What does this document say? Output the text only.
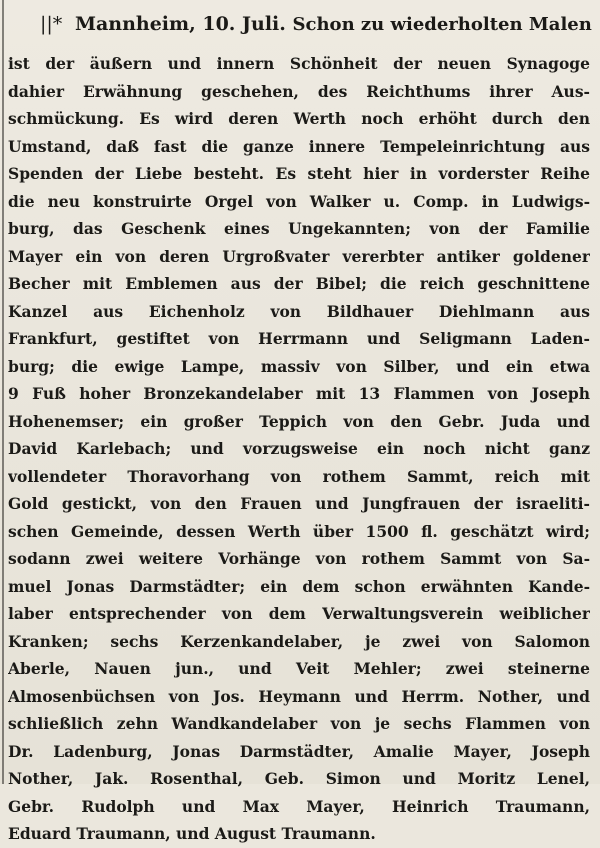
||* Mannheim, 10. Juli. Schon zu wiederholten Malen
ist der äußern und innern Schönheit der neuen Synagoge
dahier Erwähnung geschehen, des Reichthums ihrer Aus-
schmückung. Es wird deren Werth noch erhöht durch den
Umstand, daß fast die ganze innere Tempeleinrichtung aus
Spenden der Liebe besteht. Es steht hier in vorderster Reihe
die neu konstruirte Orgel von Walker u. Comp. in Ludwigs-
burg, das Geschenk eines Ungekannten; von der Familie
Mayer ein von deren Urgroßvater vererbter antiker goldener
Becher mit Emblemen aus der Bibel; die reich geschnittene
Kanzel aus Eichenholz von Bildhauer Diehlmann aus
Frankfurt, gestiftet von Herrmann und Seligmann Laden-
burg; die ewige Lampe, massiv von Silber, und ein etwa
9 Fuß hoher Bronzekandelaber mit 13 Flammen von Joseph
Hohenemser; ein großer Teppich von den Gebr. Juda und
David Karlebach; und vorzugsweise ein noch nicht ganz
vollendeter Thoravorhang von rothem Sammt, reich mit
Gold gestickt, von den Frauen und Jungfrauen der israeliti-
schen Gemeinde, dessen Werth über 1500 fl. geschätzt wird;
sodann zwei weitere Vorhänge von rothem Sammt von Sa-
muel Jonas Darmstädter; ein dem schon erwähnten Kande-
laber entsprechender von dem Verwaltungsverein weiblicher
Kranken; sechs Kerzenkandelaber, je zwei von Salomon
Aberle, Nauen jun., und Veit Mehler; zwei steinerne
Almosenbüchsen von Jos. Heymann und Herrm. Nother, und
schließlich zehn Wandkandelaber von je sechs Flammen von
Dr. Ladenburg, Jonas Darmstädter, Amalie Mayer, Joseph
Nother, Jak. Rosenthal, Geb. Simon und Moritz Lenel,
Gebr. Rudolph und Max Mayer, Heinrich Traumann,
Eduard Traumann, und August Traumann.
